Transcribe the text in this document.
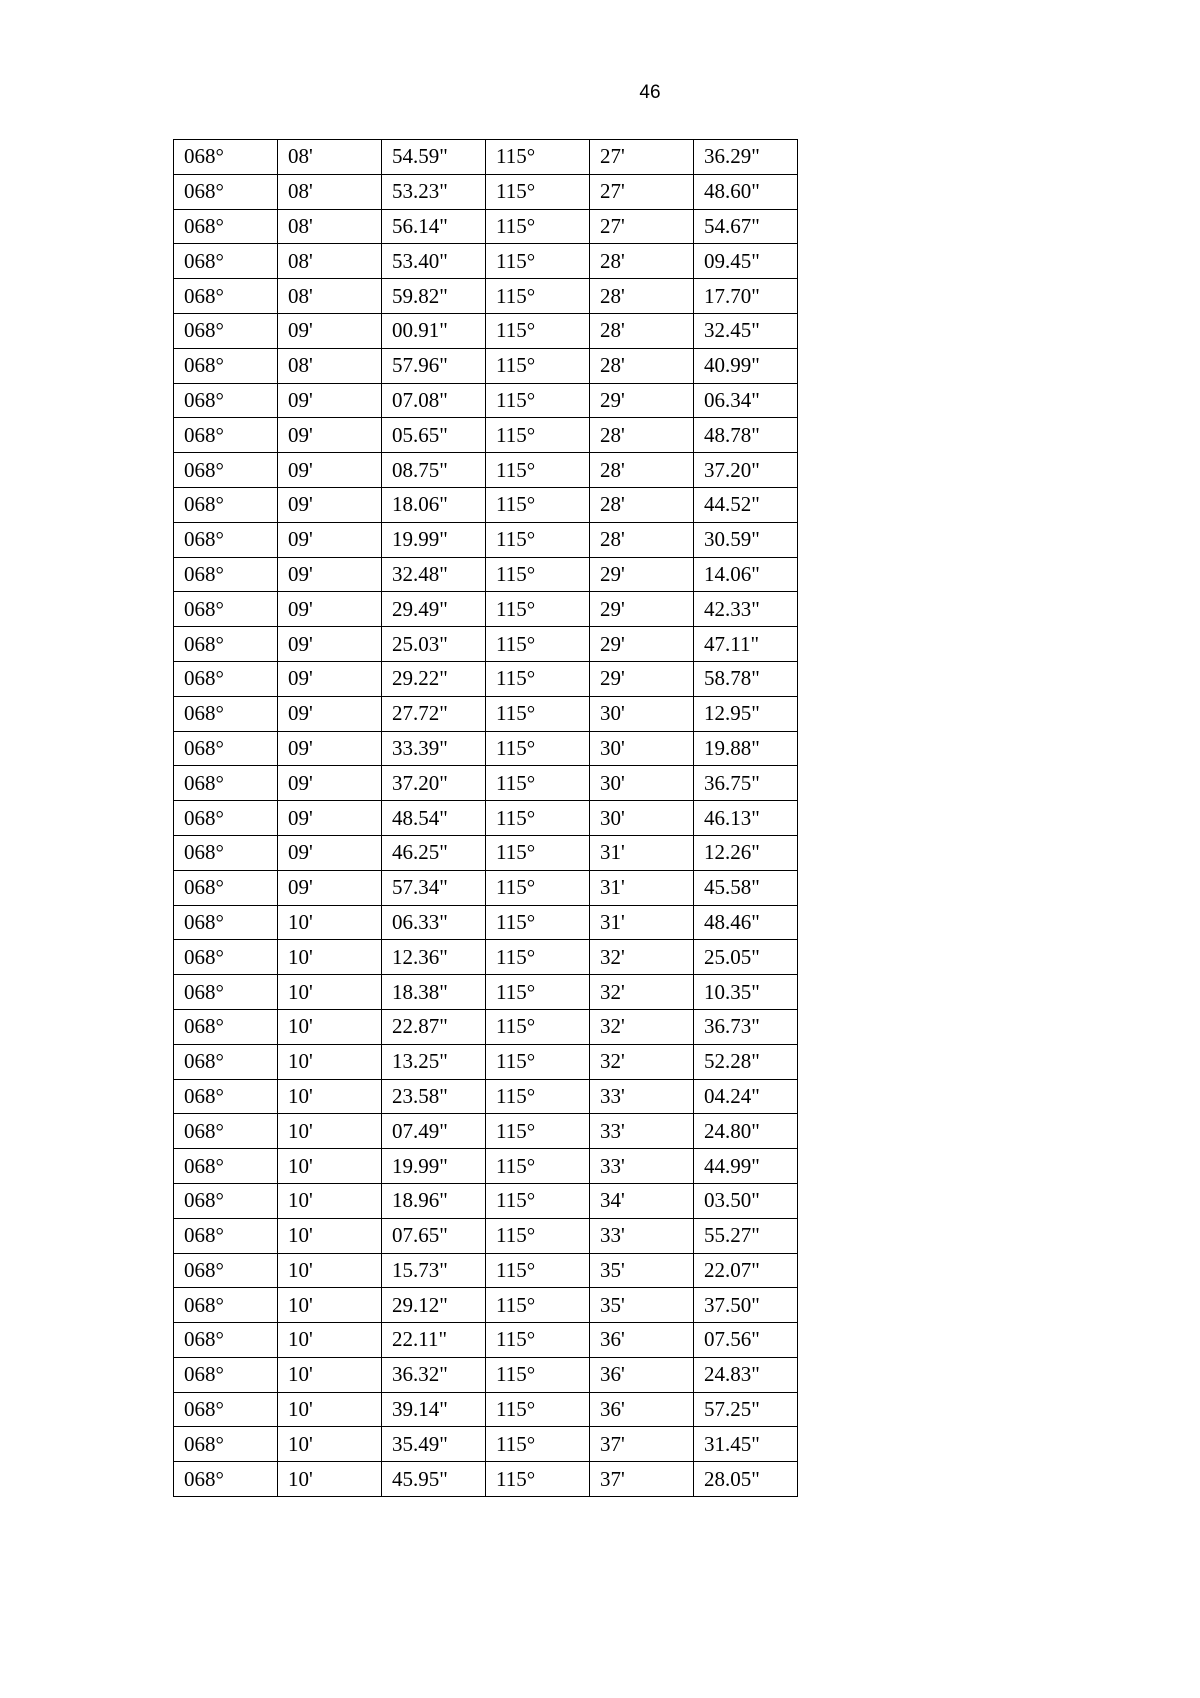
46
068°	08'	54.59"	115°	27'	36.29"
068°	08'	53.23"	115°	27'	48.60"
068°	08'	56.14"	115°	27'	54.67"
068°	08'	53.40"	115°	28'	09.45"
068°	08'	59.82"	115°	28'	17.70"
068°	09'	00.91"	115°	28'	32.45"
068°	08'	57.96"	115°	28'	40.99"
068°	09'	07.08"	115°	29'	06.34"
068°	09'	05.65"	115°	28'	48.78"
068°	09'	08.75"	115°	28'	37.20"
068°	09'	18.06"	115°	28'	44.52"
068°	09'	19.99"	115°	28'	30.59"
068°	09'	32.48"	115°	29'	14.06"
068°	09'	29.49"	115°	29'	42.33"
068°	09'	25.03"	115°	29'	47.11"
068°	09'	29.22"	115°	29'	58.78"
068°	09'	27.72"	115°	30'	12.95"
068°	09'	33.39"	115°	30'	19.88"
068°	09'	37.20"	115°	30'	36.75"
068°	09'	48.54"	115°	30'	46.13"
068°	09'	46.25"	115°	31'	12.26"
068°	09'	57.34"	115°	31'	45.58"
068°	10'	06.33"	115°	31'	48.46"
068°	10'	12.36"	115°	32'	25.05"
068°	10'	18.38"	115°	32'	10.35"
068°	10'	22.87"	115°	32'	36.73"
068°	10'	13.25"	115°	32'	52.28"
068°	10'	23.58"	115°	33'	04.24"
068°	10'	07.49"	115°	33'	24.80"
068°	10'	19.99"	115°	33'	44.99"
068°	10'	18.96"	115°	34'	03.50"
068°	10'	07.65"	115°	33'	55.27"
068°	10'	15.73"	115°	35'	22.07"
068°	10'	29.12"	115°	35'	37.50"
068°	10'	22.11"	115°	36'	07.56"
068°	10'	36.32"	115°	36'	24.83"
068°	10'	39.14"	115°	36'	57.25"
068°	10'	35.49"	115°	37'	31.45"
068°	10'	45.95"	115°	37'	28.05"
